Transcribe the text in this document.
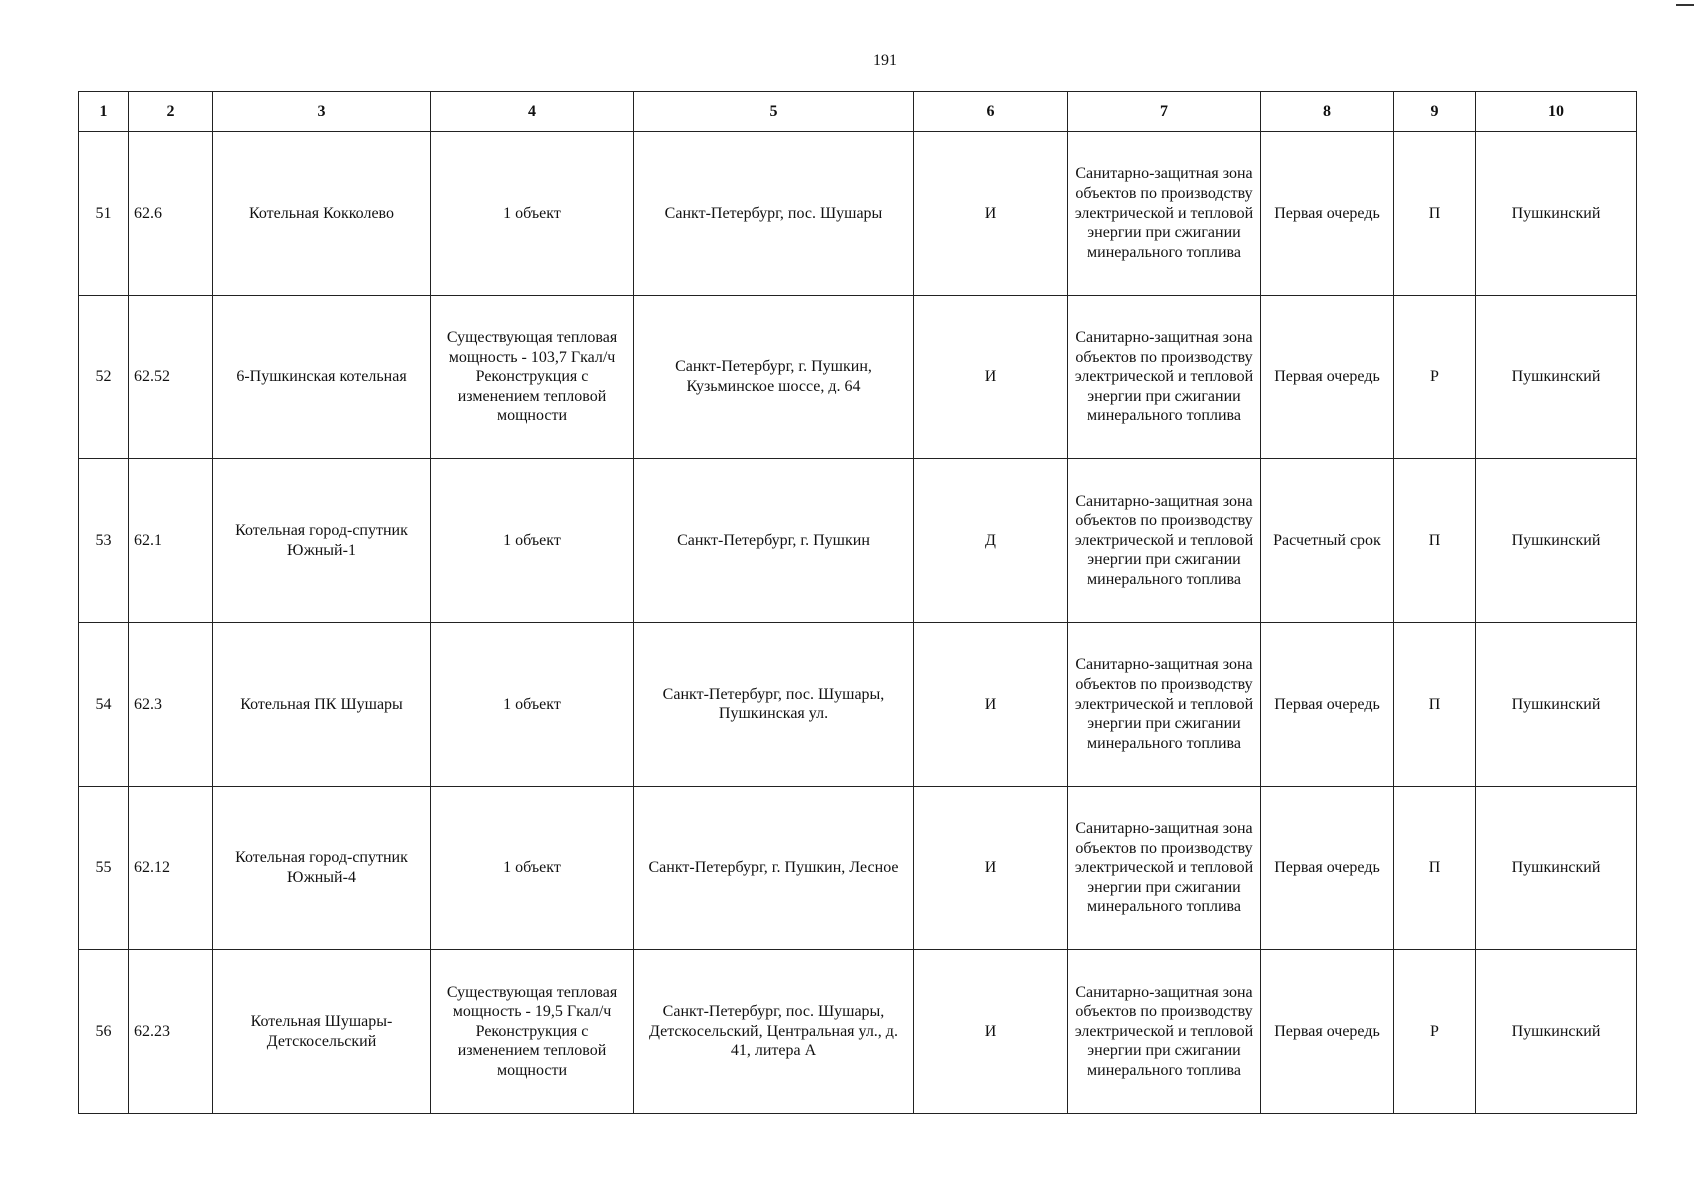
191
1	2	3	4	5	6	7	8	9	10
51	62.6	Котельная Кокколево	1 объект	Санкт-Петербург, пос. Шушары	И	Санитарно-защитная зона объектов по производству электрической и тепловой энергии при сжигании минерального топлива	Первая очередь	П	Пушкинский
52	62.52	6-Пушкинская котельная	Существующая тепловая мощность - 103,7 Гкал/ч Реконструкция с изменением тепловой мощности	Санкт-Петербург, г. Пушкин, Кузьминское шоссе, д. 64	И	Санитарно-защитная зона объектов по производству электрической и тепловой энергии при сжигании минерального топлива	Первая очередь	Р	Пушкинский
53	62.1	Котельная город-спутник Южный-1	1 объект	Санкт-Петербург, г. Пушкин	Д	Санитарно-защитная зона объектов по производству электрической и тепловой энергии при сжигании минерального топлива	Расчетный срок	П	Пушкинский
54	62.3	Котельная ПК Шушары	1 объект	Санкт-Петербург, пос. Шушары, Пушкинская ул.	И	Санитарно-защитная зона объектов по производству электрической и тепловой энергии при сжигании минерального топлива	Первая очередь	П	Пушкинский
55	62.12	Котельная город-спутник Южный-4	1 объект	Санкт-Петербург, г. Пушкин, Лесное	И	Санитарно-защитная зона объектов по производству электрической и тепловой энергии при сжигании минерального топлива	Первая очередь	П	Пушкинский
56	62.23	Котельная Шушары-Детскосельский	Существующая тепловая мощность - 19,5 Гкал/ч Реконструкция с изменением тепловой мощности	Санкт-Петербург, пос. Шушары, Детскосельский, Центральная ул., д. 41, литера А	И	Санитарно-защитная зона объектов по производству электрической и тепловой энергии при сжигании минерального топлива	Первая очередь	Р	Пушкинский
